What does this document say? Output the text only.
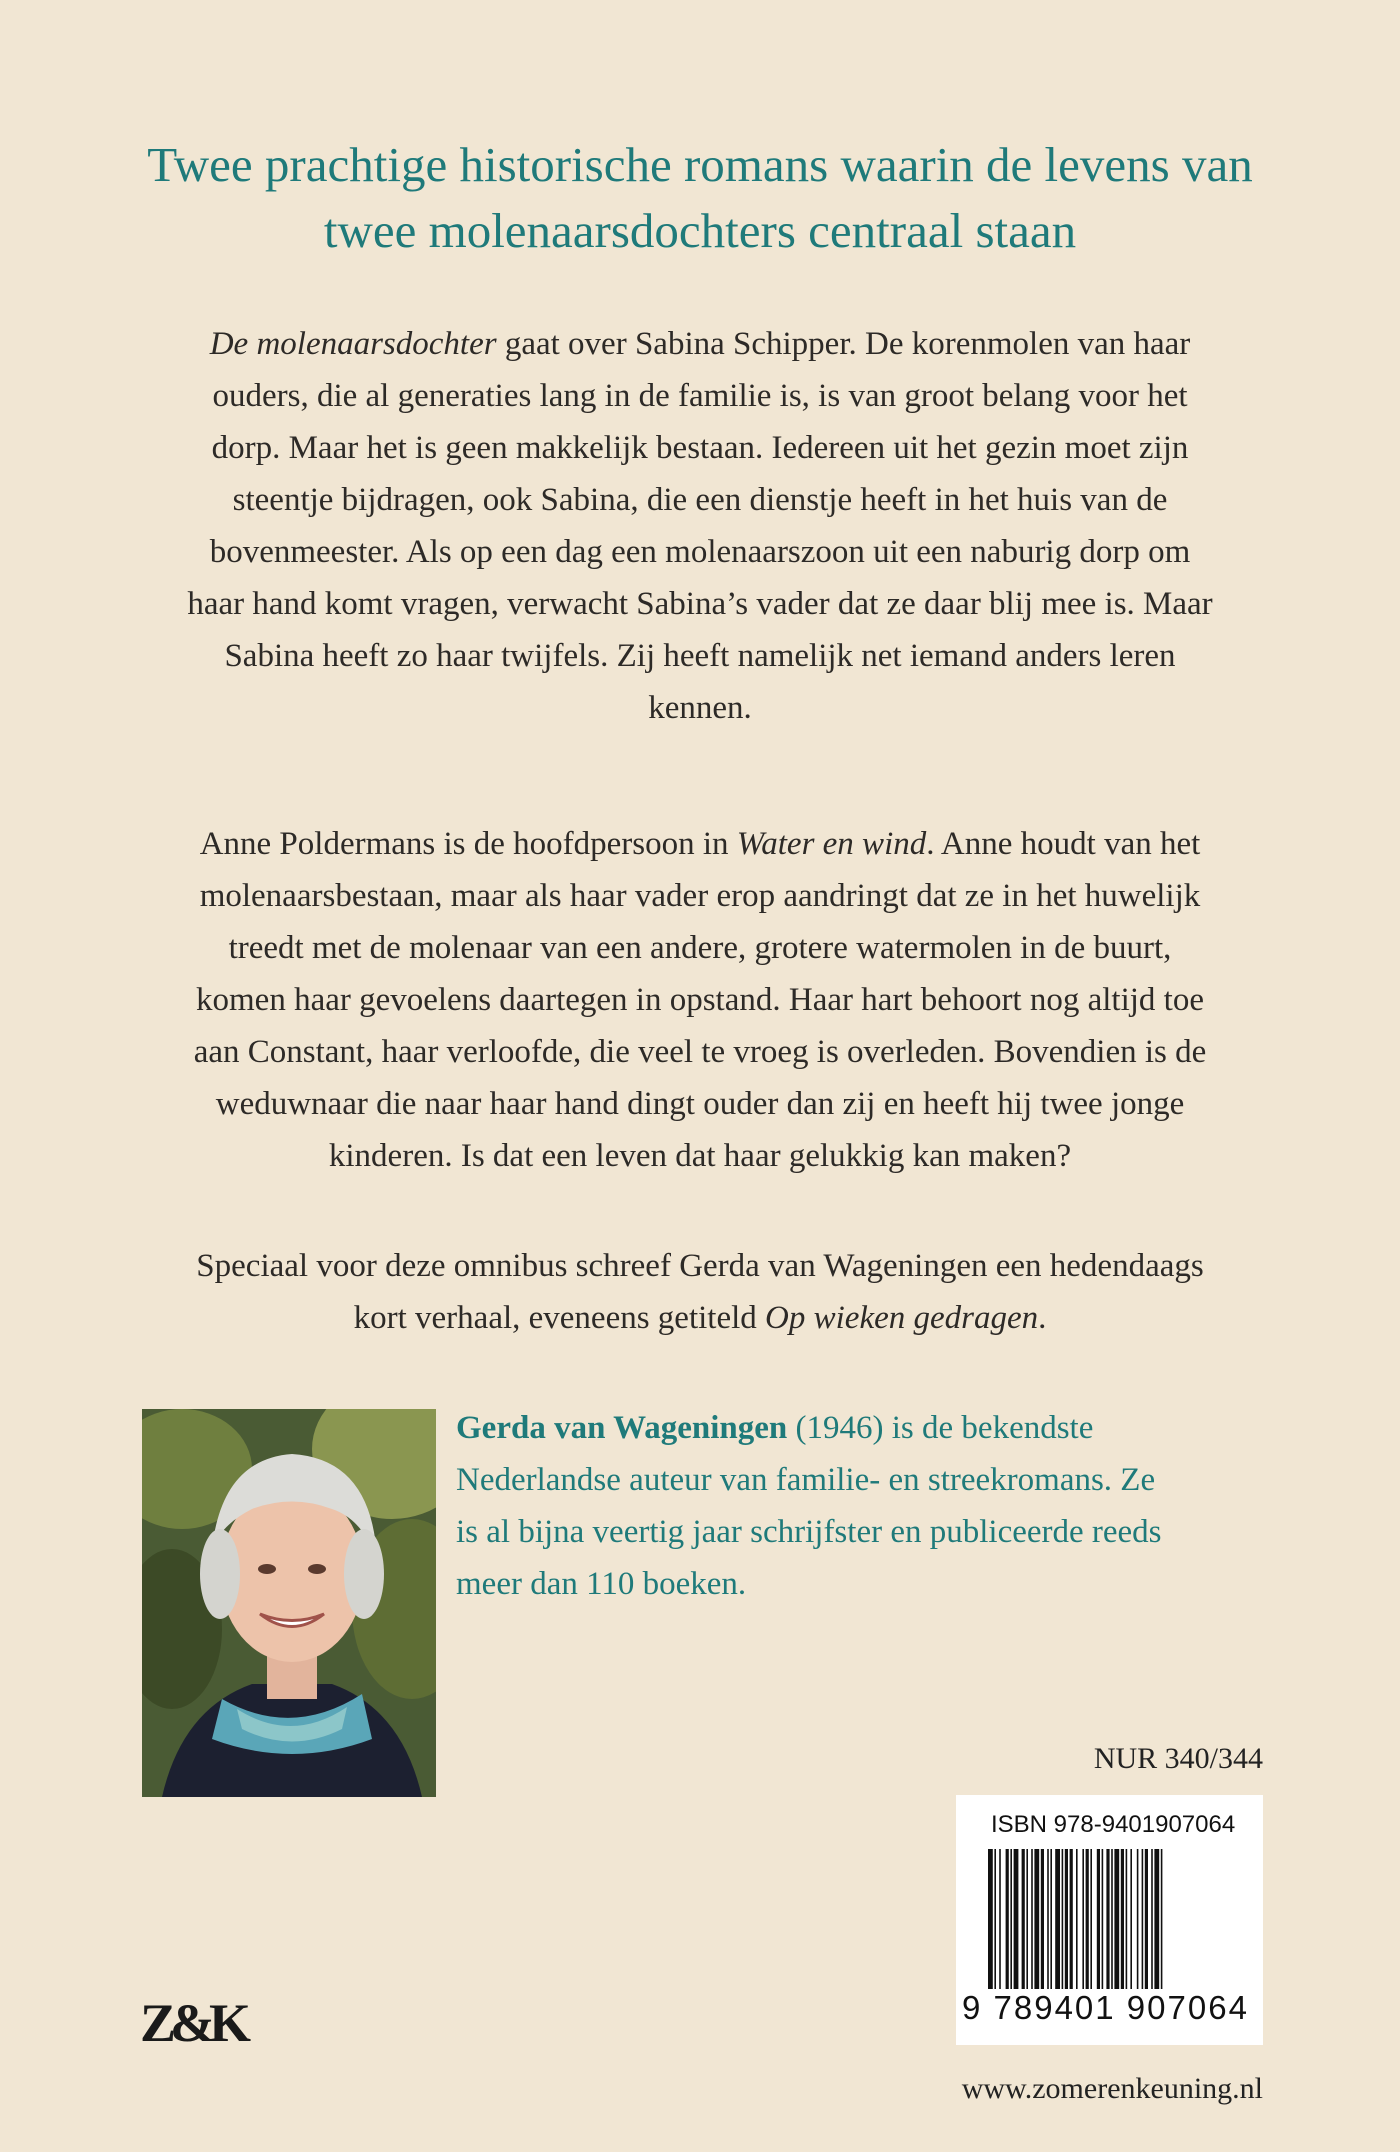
Twee prachtige historische romans waarin de levens van
twee molenaarsdochters centraal staan
De molenaarsdochter gaat over Sabina Schipper. De korenmolen van haar
ouders, die al generaties lang in de familie is, is van groot belang voor het
dorp. Maar het is geen makkelijk bestaan. Iedereen uit het gezin moet zijn
steentje bijdragen, ook Sabina, die een dienstje heeft in het huis van de
bovenmeester. Als op een dag een molenaarszoon uit een naburig dorp om
haar hand komt vragen, verwacht Sabina’s vader dat ze daar blij mee is. Maar
Sabina heeft zo haar twijfels. Zij heeft namelijk net iemand anders leren
kennen.
Anne Poldermans is de hoofdpersoon in Water en wind. Anne houdt van het
molenaarsbestaan, maar als haar vader erop aandringt dat ze in het huwelijk
treedt met de molenaar van een andere, grotere watermolen in de buurt,
komen haar gevoelens daartegen in opstand. Haar hart behoort nog altijd toe
aan Constant, haar verloofde, die veel te vroeg is overleden. Bovendien is de
weduwnaar die naar haar hand dingt ouder dan zij en heeft hij twee jonge
kinderen. Is dat een leven dat haar gelukkig kan maken?
Speciaal voor deze omnibus schreef Gerda van Wageningen een hedendaags
kort verhaal, eveneens getiteld Op wieken gedragen.
Gerda van Wageningen (1946) is de bekendste
Nederlandse auteur van familie- en streekromans. Ze
is al bijna veertig jaar schrijfster en publiceerde reeds
meer dan 110 boeken.
NUR 340/344
ISBN 978-9401907064
9 789401 907064
Z&K
www.zomerenkeuning.nl
